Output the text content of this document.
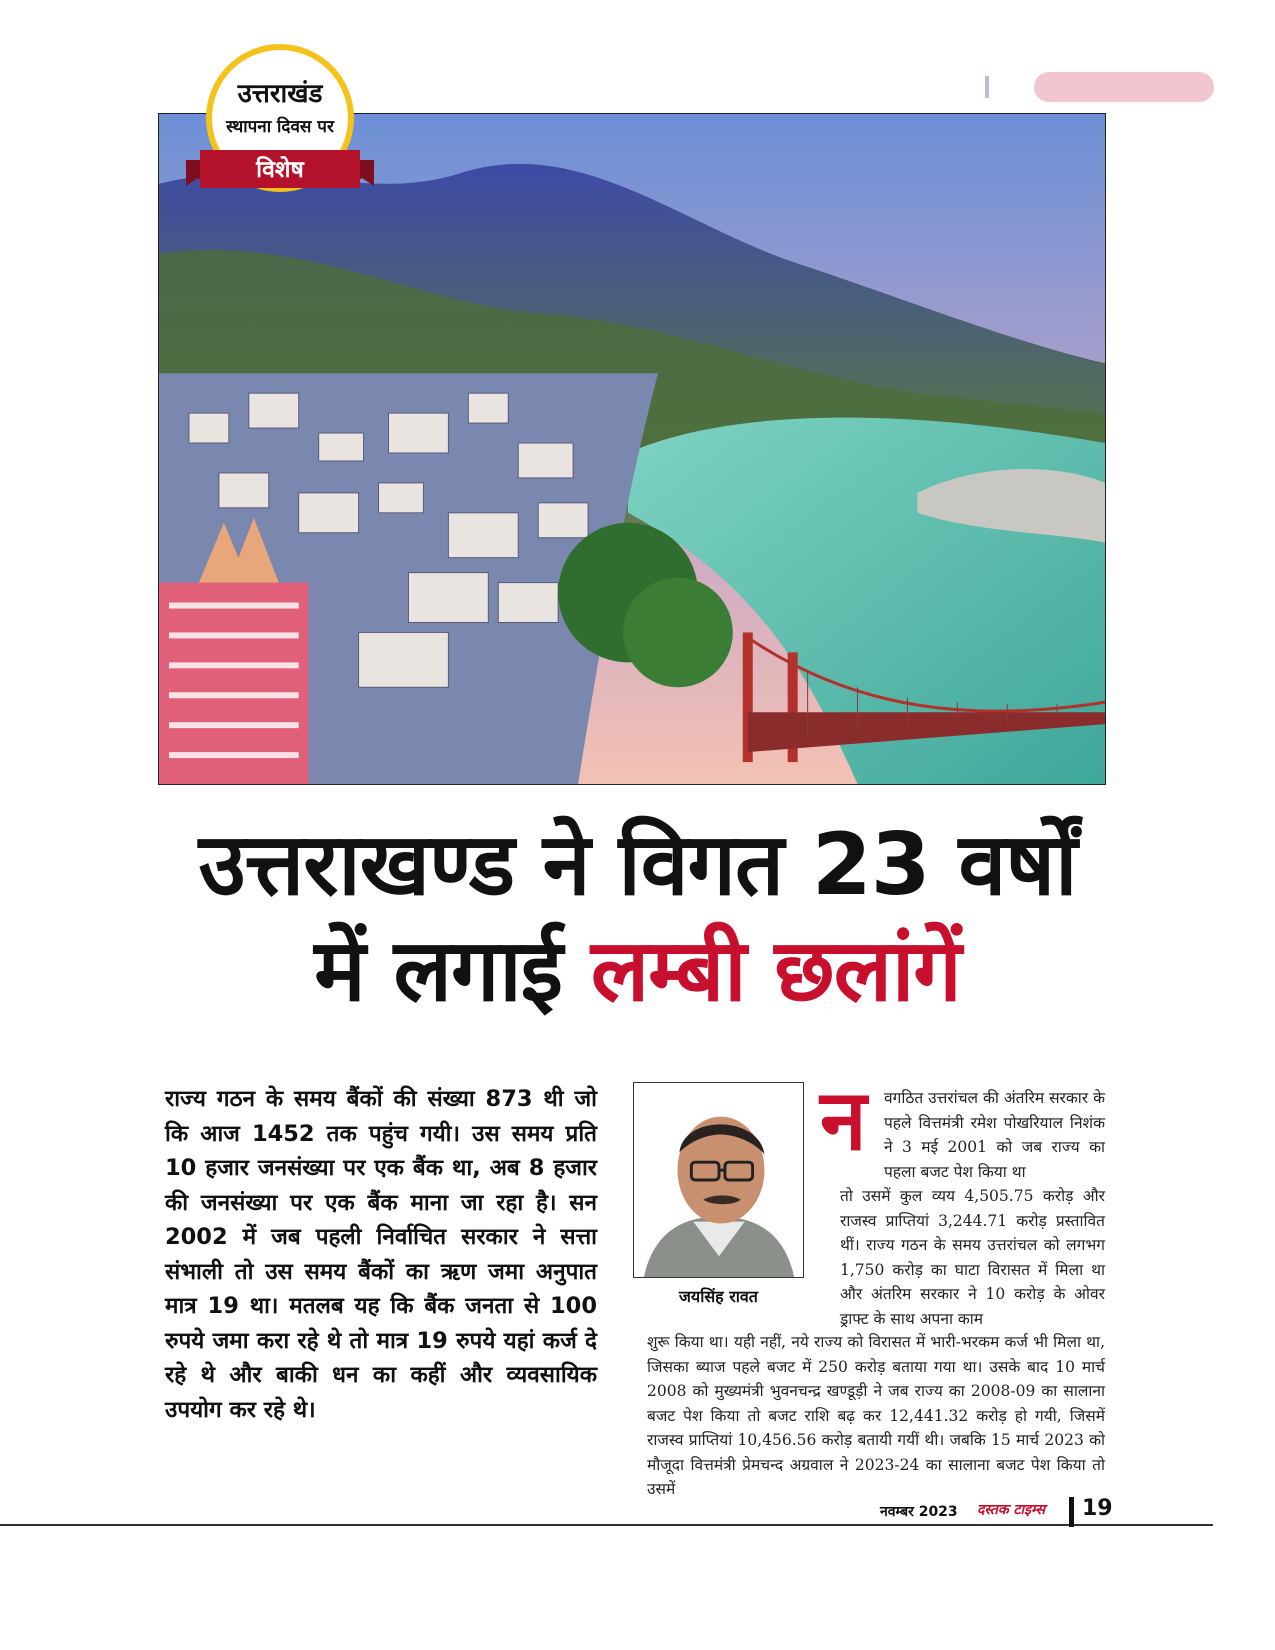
उत्तराखंड
स्थापना दिवस पर
विशेष
उत्तराखण्ड ने विगत 23 वर्षों
में लगाई लम्बी छलांगें
राज्य गठन के समय बैंकों की संख्या 873 थी जो कि आज 1452 तक पहुंच गयी। उस समय प्रति 10 हजार जनसंख्या पर एक बैंक था, अब 8 हजार की जनसंख्या पर एक बैंक माना जा रहा है। सन 2002 में जब पहली निर्वाचित सरकार ने सत्ता संभाली तो उस समय बैंकों का ऋण जमा अनुपात मात्र 19 था। मतलब यह कि बैंक जनता से 100 रुपये जमा करा रहे थे तो मात्र 19 रुपये यहां कर्ज दे रहे थे और बाकी धन का कहीं और व्यवसायिक उपयोग कर रहे थे।
जयसिंह रावत
न	वगठित उत्तरांचल की अंतरिम सरकार के पहले वित्तमंत्री रमेश पोखरियाल निशंक ने 3 मई 2001 को जब राज्य का पहला बजट पेश किया था
तो उसमें कुल व्यय 4,505.75 करोड़ और राजस्व प्राप्तियां 3,244.71 करोड़ प्रस्तावित थीं। राज्य गठन के समय उत्तरांचल को लगभग 1,750 करोड़ का घाटा विरासत में मिला था और अंतरिम सरकार ने 10 करोड़ के ओवर ड्राफ्ट के साथ अपना काम
शुरू किया था। यही नहीं, नये राज्य को विरासत में भारी-भरकम कर्ज भी मिला था, जिसका ब्याज पहले बजट में 250 करोड़ बताया गया था। उसके बाद 10 मार्च 2008 को मुख्यमंत्री भुवनचन्द्र खण्डूड़ी ने जब राज्य का 2008-09 का सालाना बजट पेश किया तो बजट राशि बढ़ कर 12,441.32 करोड़ हो गयी, जिसमें राजस्व प्राप्तियां 10,456.56 करोड़ बतायी गयीं थी। जबकि 15 मार्च 2023 को मौजूदा वित्तमंत्री प्रेमचन्द अग्रवाल ने 2023-24 का सालाना बजट पेश किया तो उसमें
नवम्बर 2023 दस्तक टाइम्स 19
